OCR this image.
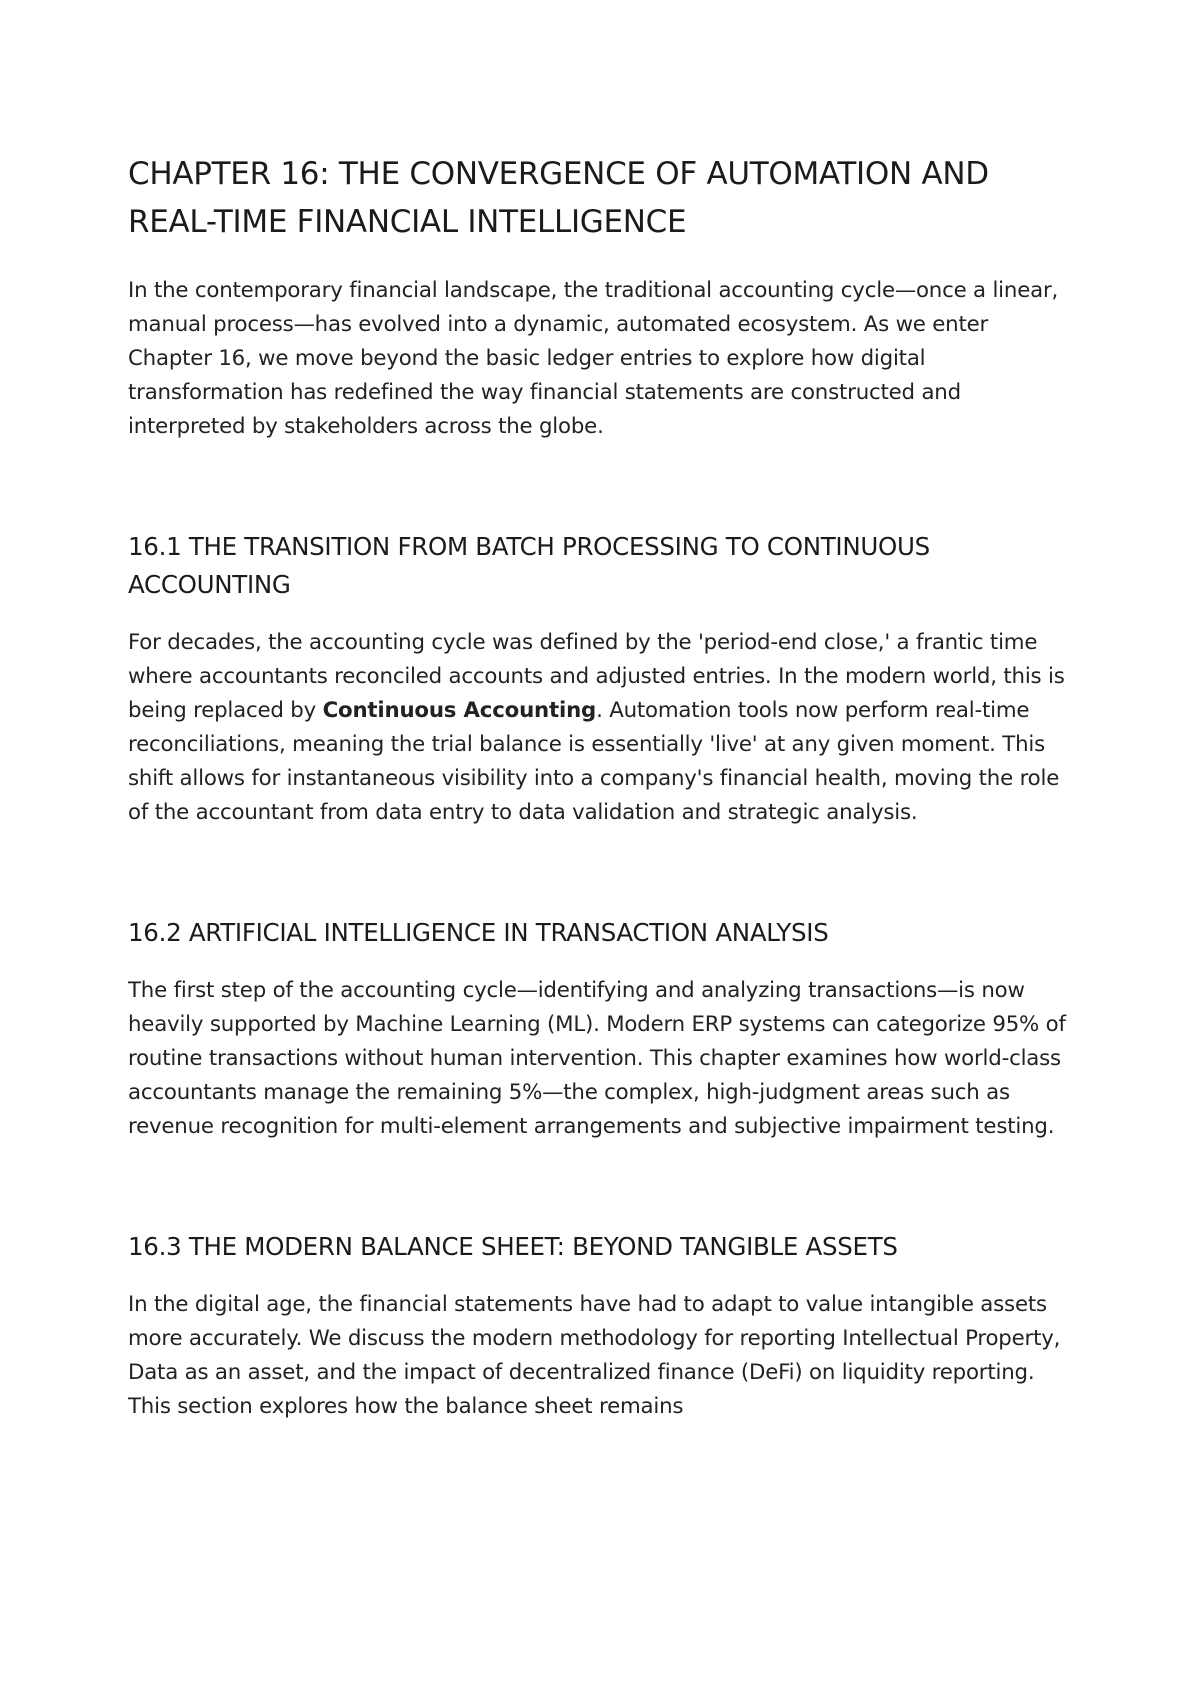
CHAPTER 16: THE CONVERGENCE OF AUTOMATION AND REAL-TIME FINANCIAL INTELLIGENCE

In the contemporary financial landscape, the traditional accounting cycle—once a linear, manual process—has evolved into a dynamic, automated ecosystem. As we enter Chapter 16, we move beyond the basic ledger entries to explore how digital transformation has redefined the way financial statements are constructed and interpreted by stakeholders across the globe.

16.1 THE TRANSITION FROM BATCH PROCESSING TO CONTINUOUS ACCOUNTING

For decades, the accounting cycle was defined by the 'period-end close,' a frantic time where accountants reconciled accounts and adjusted entries. In the modern world, this is being replaced by Continuous Accounting. Automation tools now perform real-time reconciliations, meaning the trial balance is essentially 'live' at any given moment. This shift allows for instantaneous visibility into a company's financial health, moving the role of the accountant from data entry to data validation and strategic analysis.

16.2 ARTIFICIAL INTELLIGENCE IN TRANSACTION ANALYSIS

The first step of the accounting cycle—identifying and analyzing transactions—is now heavily supported by Machine Learning (ML). Modern ERP systems can categorize 95% of routine transactions without human intervention. This chapter examines how world-class accountants manage the remaining 5%—the complex, high-judgment areas such as revenue recognition for multi-element arrangements and subjective impairment testing.

16.3 THE MODERN BALANCE SHEET: BEYOND TANGIBLE ASSETS

In the digital age, the financial statements have had to adapt to value intangible assets more accurately. We discuss the modern methodology for reporting Intellectual Property, Data as an asset, and the impact of decentralized finance (DeFi) on liquidity reporting. This section explores how the balance sheet remains
